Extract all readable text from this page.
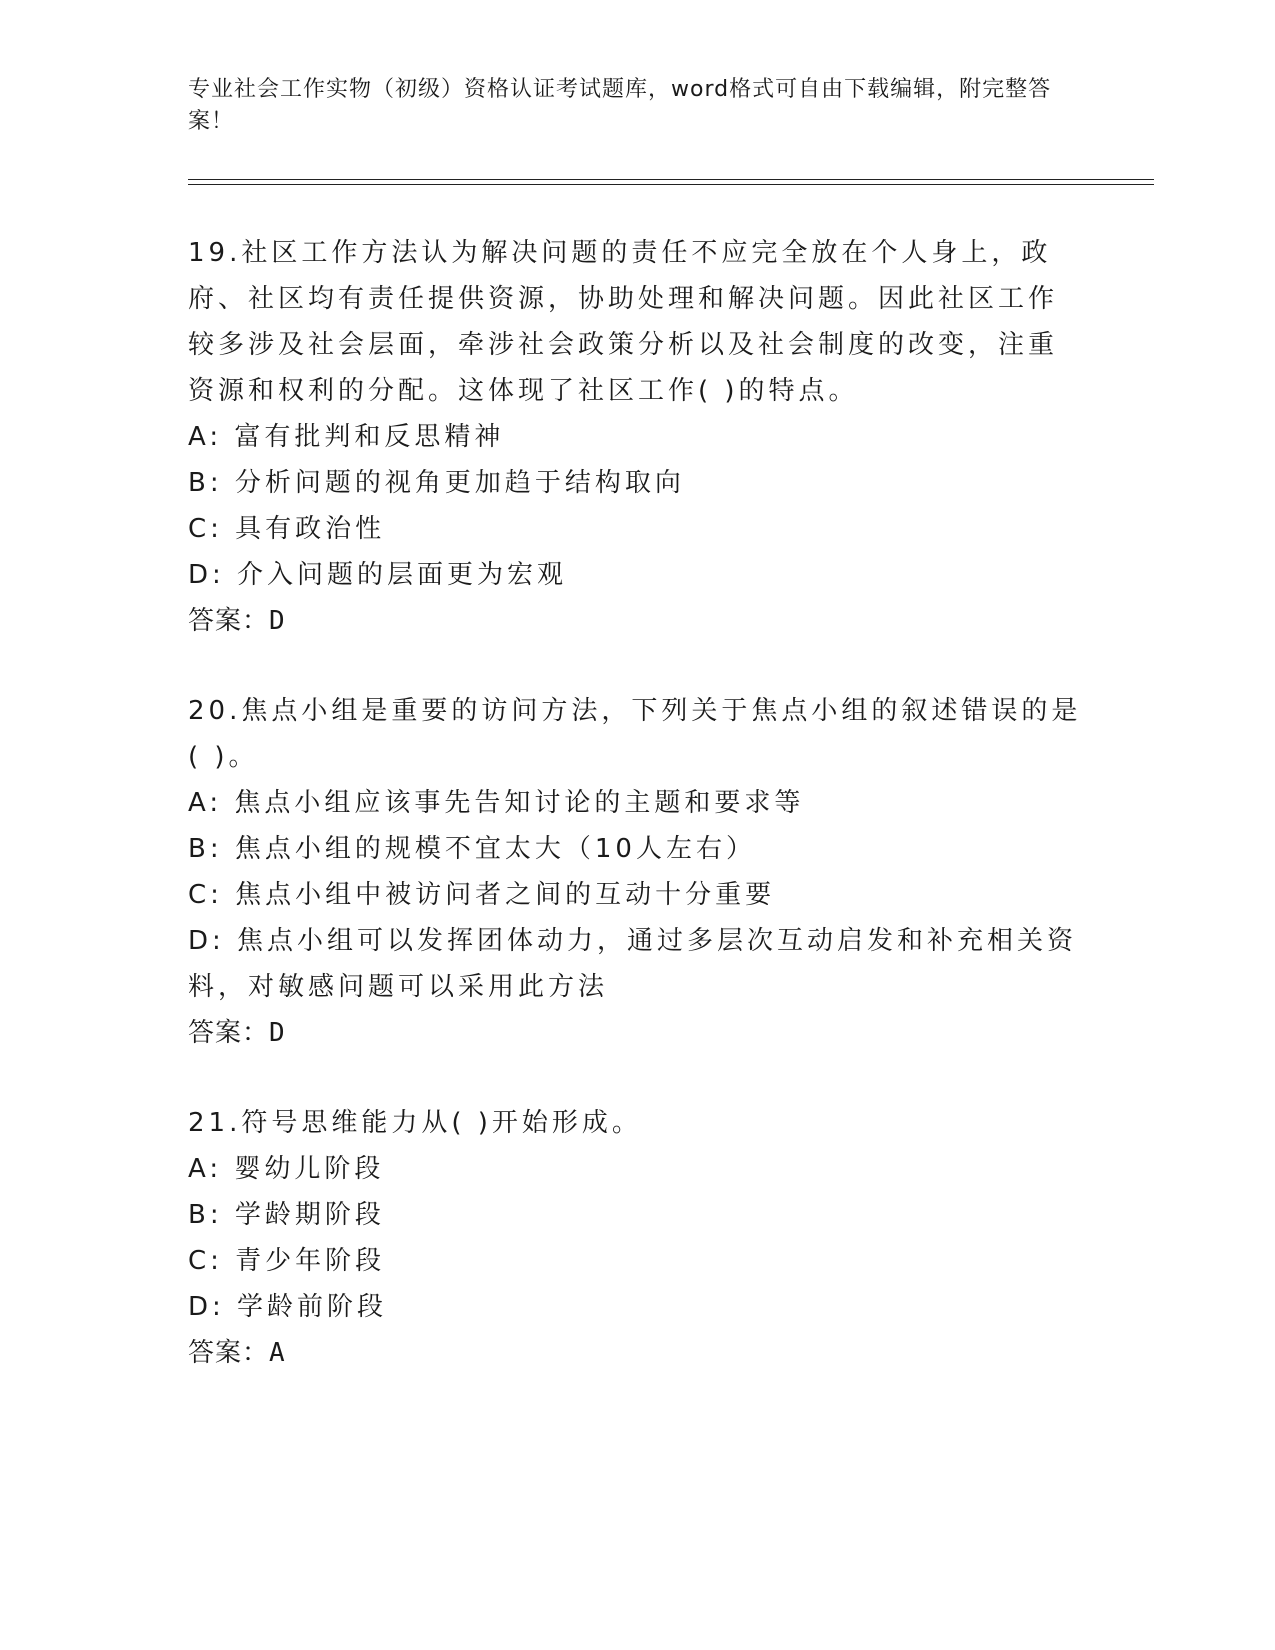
专业社会工作实物（初级）资格认证考试题库，word格式可自由下载编辑，附完整答案！
19.社区工作方法认为解决问题的责任不应完全放在个人身上，政府、社区均有责任提供资源，协助处理和解决问题。因此社区工作较多涉及社会层面，牵涉社会政策分析以及社会制度的改变，注重资源和权利的分配。这体现了社区工作( )的特点。
A: 富有批判和反思精神
B: 分析问题的视角更加趋于结构取向
C: 具有政治性
D: 介入问题的层面更为宏观
答案：D
20.焦点小组是重要的访问方法，下列关于焦点小组的叙述错误的是( )。
A: 焦点小组应该事先告知讨论的主题和要求等
B: 焦点小组的规模不宜太大（10人左右）
C: 焦点小组中被访问者之间的互动十分重要
D: 焦点小组可以发挥团体动力，通过多层次互动启发和补充相关资料，对敏感问题可以采用此方法
答案：D
21.符号思维能力从( )开始形成。
A: 婴幼儿阶段
B: 学龄期阶段
C: 青少年阶段
D: 学龄前阶段
答案：A
